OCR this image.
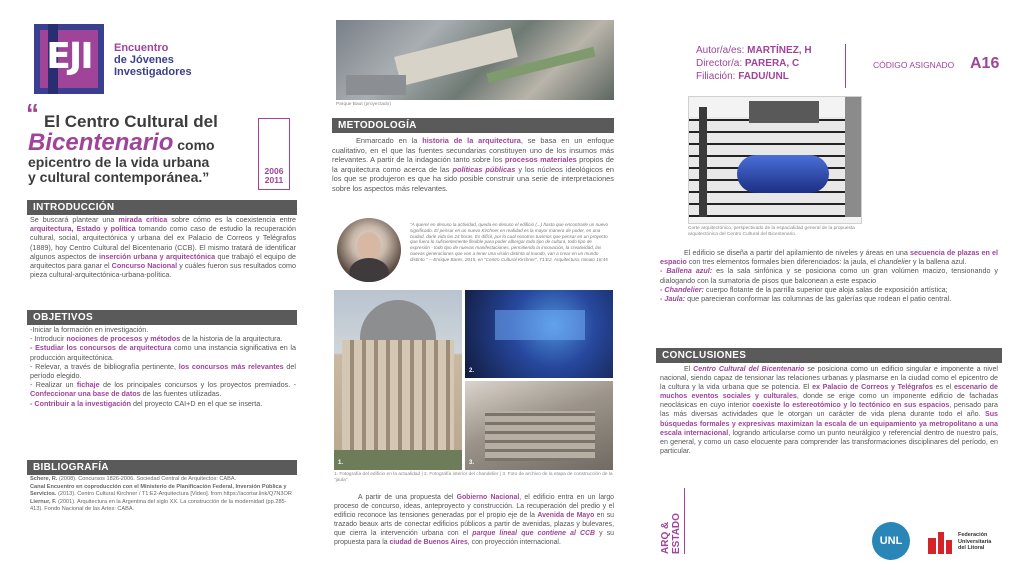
EJI	Encuentro
de Jóvenes
Investigadores
“ El Centro Cultural del
Bicentenario como
epicentro de la vida urbana
y cultural contemporánea.”	2006
2011
INTRODUCCIÓN
Se buscará plantear una mirada crítica sobre cómo es la coexistencia entre arquitectura, Estado y política tomando como caso de estudio la recuperación cultural, social, arquitectónica y urbana del ex Palacio de Correos y Telégrafos (1889), hoy Centro Cultural del Bicentenario (CCB). El mismo tratará de identificar algunos aspectos de inserción urbana y arquitectónica que trabajó el equipo de arquitectos para ganar el Concurso Nacional y cuáles fueron sus resultados como pieza cultural-arquitectónica-urbana-política.
OBJETIVOS
-Iniciar la formación en investigación.
- Introducir nociones de procesos y métodos de la historia de la arquitectura.
- Estudiar los concursos de arquitectura como una instancia significativa en la producción arquitectónica.
- Relevar, a través de bibliografía pertinente, los concursos más relevantes del período elegido.
- Realizar un fichaje de los principales concursos y los proyectos premiados. - Confeccionar una base de datos de las fuentes utilizadas.
- Contribuir a la investigación del proyecto CAI+D en el que se inserta.
BIBLIOGRAFÍA
Schere, R. (2008). Concursos 1826-2006. Sociedad Central de Arquitectos: CABA.
Canal Encuentro en coproducción con el Ministerio de Planificación Federal, Inversión Pública y Servicios. (2013). Centro Cultural Kirchner / T1:E2-Arquitectura [Video]. from https://acortar.link/Q7N3OR
Liernur, F. (2001). Arquitectura en la Argentina del siglo XX. La construcción de la modernidad (pp.285-413). Fondo Nacional de las Artes: CABA.
Parque Baut (proyectado)
METODOLOGÍA
Enmarcado en la historia de la arquitectura, se basa en un enfoque cualitativo, en el que las fuentes secundarias constituyen uno de los insumos más relevantes. A partir de la indagación tanto sobre los procesos materiales propios de la arquitectura como acerca de las políticas públicas y los núcleos ideológicos en los que se produjeron es que ha sido posible construir una serie de interpretaciones sobre los aspectos más relevantes.
"A querer en desuso la actividad, queda en desuso el edificio (...) hasta que encontrarle un nuevo significado. El pensar en un nuevo Kirchner en realidad es la mayor manera de poder, en una ciudad, darle vida las 24 horas. Es difícil, por lo cual nosotros tuvimos que pensar en un proyecto que fuera lo suficientemente flexible para poder albergar todo tipo de cultura, todo tipo de expresión - todo tipo de nuevas manifestaciones, permitiendo la innovación, la creatividad, las nuevas generaciones que van a tener una visión distinta al mundo, van a crear en un mundo distinto." —Enrique Bares, 2015, en "Centro Cultural Kirchner", T1:E2, Arquitectura, minuto 18:45
1.
2.
3.
1. Fotografía del edificio en la actualidad | 2. Fotografía interior del chandelier | 3. Foto de archivo de la etapa de construcción de la "jaula"
A partir de una propuesta del Gobierno Nacional, el edificio entra en un largo proceso de concurso, ideas, anteproyecto y construcción. La recuperación del predio y el edificio reconoce las tensiones generadas por el propio eje de la Avenida de Mayo en su trazado beaux arts de conectar edificios públicos a partir de avenidas, plazas y bulevares, que cierra la intervención urbana con el parque lineal que contiene al CCB y su propuesta para la ciudad de Buenos Aires, con proyección internacional.
Autor/a/es: MARTÍNEZ, H
Director/a: PARERA, C
Filiación: FADU/UNL
CÓDIGO ASIGNADO A16
Corte arquitectónico, perspectivado de la espacialidad general de la propuesta arquitectónica del Centro Cultural del Bicentenario.
El edificio se diseña a partir del apilamiento de niveles y áreas en una secuencia de plazas en el espacio con tres elementos formales bien diferenciados: la jaula, el chandelier y la ballena azul.
- Ballena azul: es la sala sinfónica y se posiciona como un gran volúmen macizo, tensionando y dialogando con la sumatoria de pisos que balconean a este espacio
- Chandelier: cuerpo flotante de la parrilla superior que aloja salas de exposición artística;
- Jaula: que parecieran conformar las columnas de las galerías que rodean el patio central.
CONCLUSIONES
El Centro Cultural del Bicentenario se posiciona como un edificio singular e imponente a nivel nacional, siendo capaz de tensionar las relaciones urbanas y plasmarse en la ciudad como el epicentro de la cultura y la vida urbana que se potencia. El ex Palacio de Correos y Telégrafos es el escenario de muchos eventos sociales y culturales, donde se erige como un imponente edificio de fachadas neoclásicas en cuyo interior coexiste lo estereotómico y lo tectónico en sus espacios, pensado para las más diversas actividades que le otorgan un carácter de vida plena durante todo el año. Sus búsquedas formales y expresivas maximizan la escala de un equipamiento ya metropolitano a una escala internacional, logrando articularse como un punto neurálgico y referencial dentro de nuestro país, en general, y como un caso elocuente para comprender las transformaciones disciplinares del período, en particular.
ARQ & ESTADO	UNL	Federación
Universitaria
del Litoral
